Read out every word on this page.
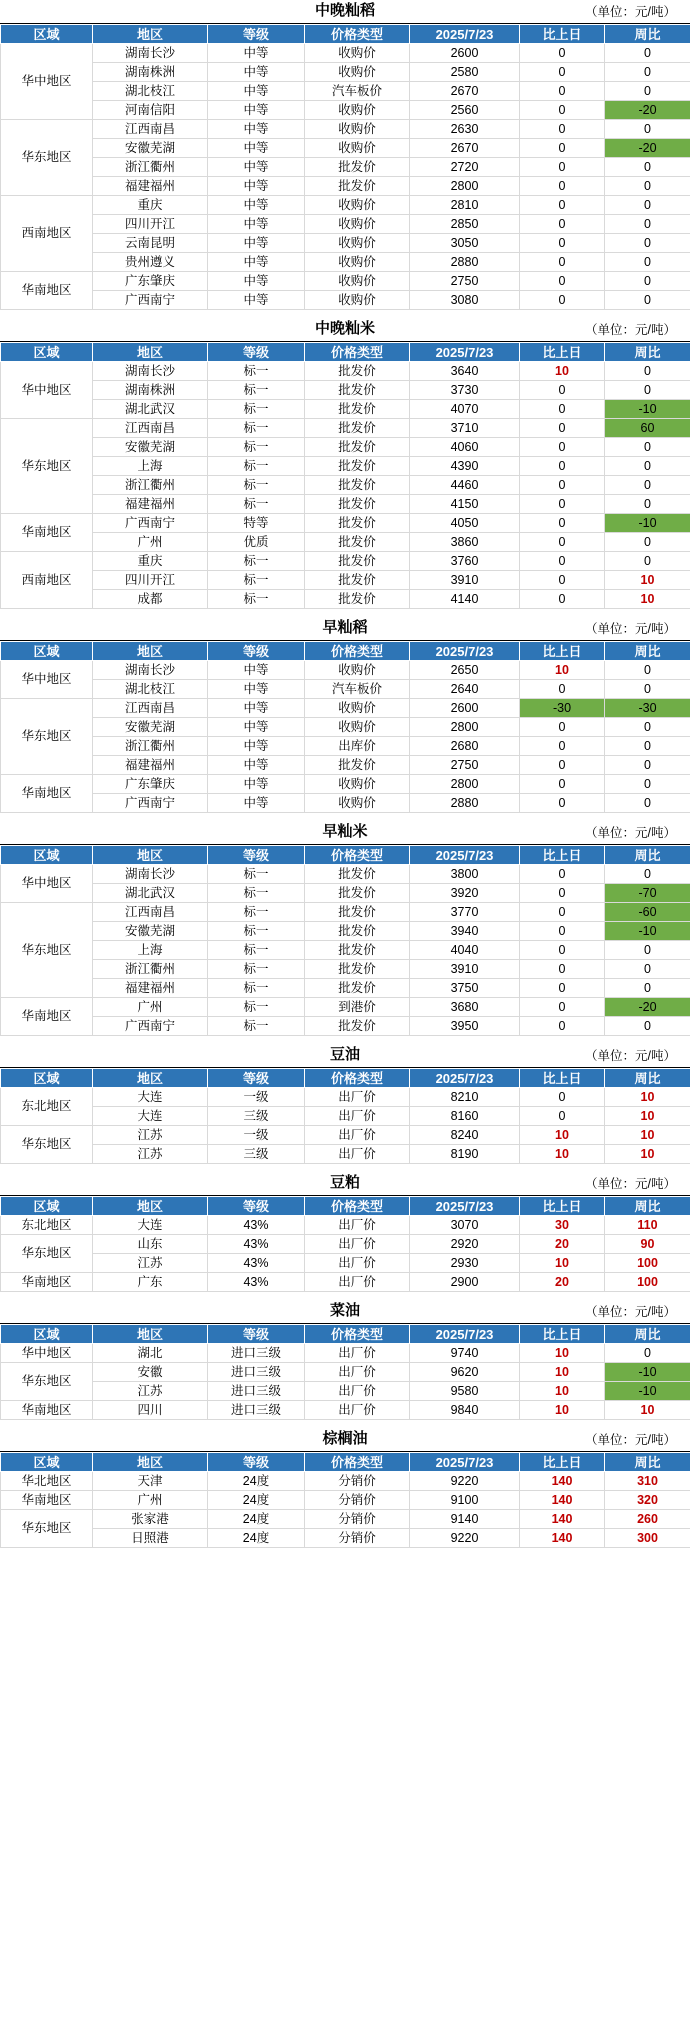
中晚籼稻	（单位：元/吨）
区域	地区	等级	价格类型	2025/7/23	比上日	周比
华中地区	湖南长沙	中等	收购价	2600	0	0
	湖南株洲	中等	收购价	2580	0	0
	湖北枝江	中等	汽车板价	2670	0	0
	河南信阳	中等	收购价	2560	0	-20
华东地区	江西南昌	中等	收购价	2630	0	0
	安徽芜湖	中等	收购价	2670	0	-20
	浙江衢州	中等	批发价	2720	0	0
	福建福州	中等	批发价	2800	0	0
西南地区	重庆	中等	收购价	2810	0	0
	四川开江	中等	收购价	2850	0	0
	云南昆明	中等	收购价	3050	0	0
	贵州遵义	中等	收购价	2880	0	0
华南地区	广东肇庆	中等	收购价	2750	0	0
	广西南宁	中等	收购价	3080	0	0
中晚籼米	（单位：元/吨）
区域	地区	等级	价格类型	2025/7/23	比上日	周比
华中地区	湖南长沙	标一	批发价	3640	10	0
	湖南株洲	标一	批发价	3730	0	0
	湖北武汉	标一	批发价	4070	0	-10
华东地区	江西南昌	标一	批发价	3710	0	60
	安徽芜湖	标一	批发价	4060	0	0
	上海	标一	批发价	4390	0	0
	浙江衢州	标一	批发价	4460	0	0
	福建福州	标一	批发价	4150	0	0
华南地区	广西南宁	特等	批发价	4050	0	-10
	广州	优质	批发价	3860	0	0
西南地区	重庆	标一	批发价	3760	0	0
	四川开江	标一	批发价	3910	0	10
	成都	标一	批发价	4140	0	10
早籼稻	（单位：元/吨）
区域	地区	等级	价格类型	2025/7/23	比上日	周比
华中地区	湖南长沙	中等	收购价	2650	10	0
	湖北枝江	中等	汽车板价	2640	0	0
华东地区	江西南昌	中等	收购价	2600	-30	-30
	安徽芜湖	中等	收购价	2800	0	0
	浙江衢州	中等	出库价	2680	0	0
	福建福州	中等	批发价	2750	0	0
华南地区	广东肇庆	中等	收购价	2800	0	0
	广西南宁	中等	收购价	2880	0	0
早籼米	（单位：元/吨）
区域	地区	等级	价格类型	2025/7/23	比上日	周比
华中地区	湖南长沙	标一	批发价	3800	0	0
	湖北武汉	标一	批发价	3920	0	-70
华东地区	江西南昌	标一	批发价	3770	0	-60
	安徽芜湖	标一	批发价	3940	0	-10
	上海	标一	批发价	4040	0	0
	浙江衢州	标一	批发价	3910	0	0
	福建福州	标一	批发价	3750	0	0
华南地区	广州	标一	到港价	3680	0	-20
	广西南宁	标一	批发价	3950	0	0
豆油	（单位：元/吨）
区域	地区	等级	价格类型	2025/7/23	比上日	周比
东北地区	大连	一级	出厂价	8210	0	10
	大连	三级	出厂价	8160	0	10
华东地区	江苏	一级	出厂价	8240	10	10
	江苏	三级	出厂价	8190	10	10
豆粕	（单位：元/吨）
区域	地区	等级	价格类型	2025/7/23	比上日	周比
东北地区	大连	43%	出厂价	3070	30	110
华东地区	山东	43%	出厂价	2920	20	90
	江苏	43%	出厂价	2930	10	100
华南地区	广东	43%	出厂价	2900	20	100
菜油	（单位：元/吨）
区域	地区	等级	价格类型	2025/7/23	比上日	周比
华中地区	湖北	进口三级	出厂价	9740	10	0
华东地区	安徽	进口三级	出厂价	9620	10	-10
	江苏	进口三级	出厂价	9580	10	-10
华南地区	四川	进口三级	出厂价	9840	10	10
棕榈油	（单位：元/吨）
区域	地区	等级	价格类型	2025/7/23	比上日	周比
华北地区	天津	24度	分销价	9220	140	310
华南地区	广州	24度	分销价	9100	140	320
华东地区	张家港	24度	分销价	9140	140	260
	日照港	24度	分销价	9220	140	300
